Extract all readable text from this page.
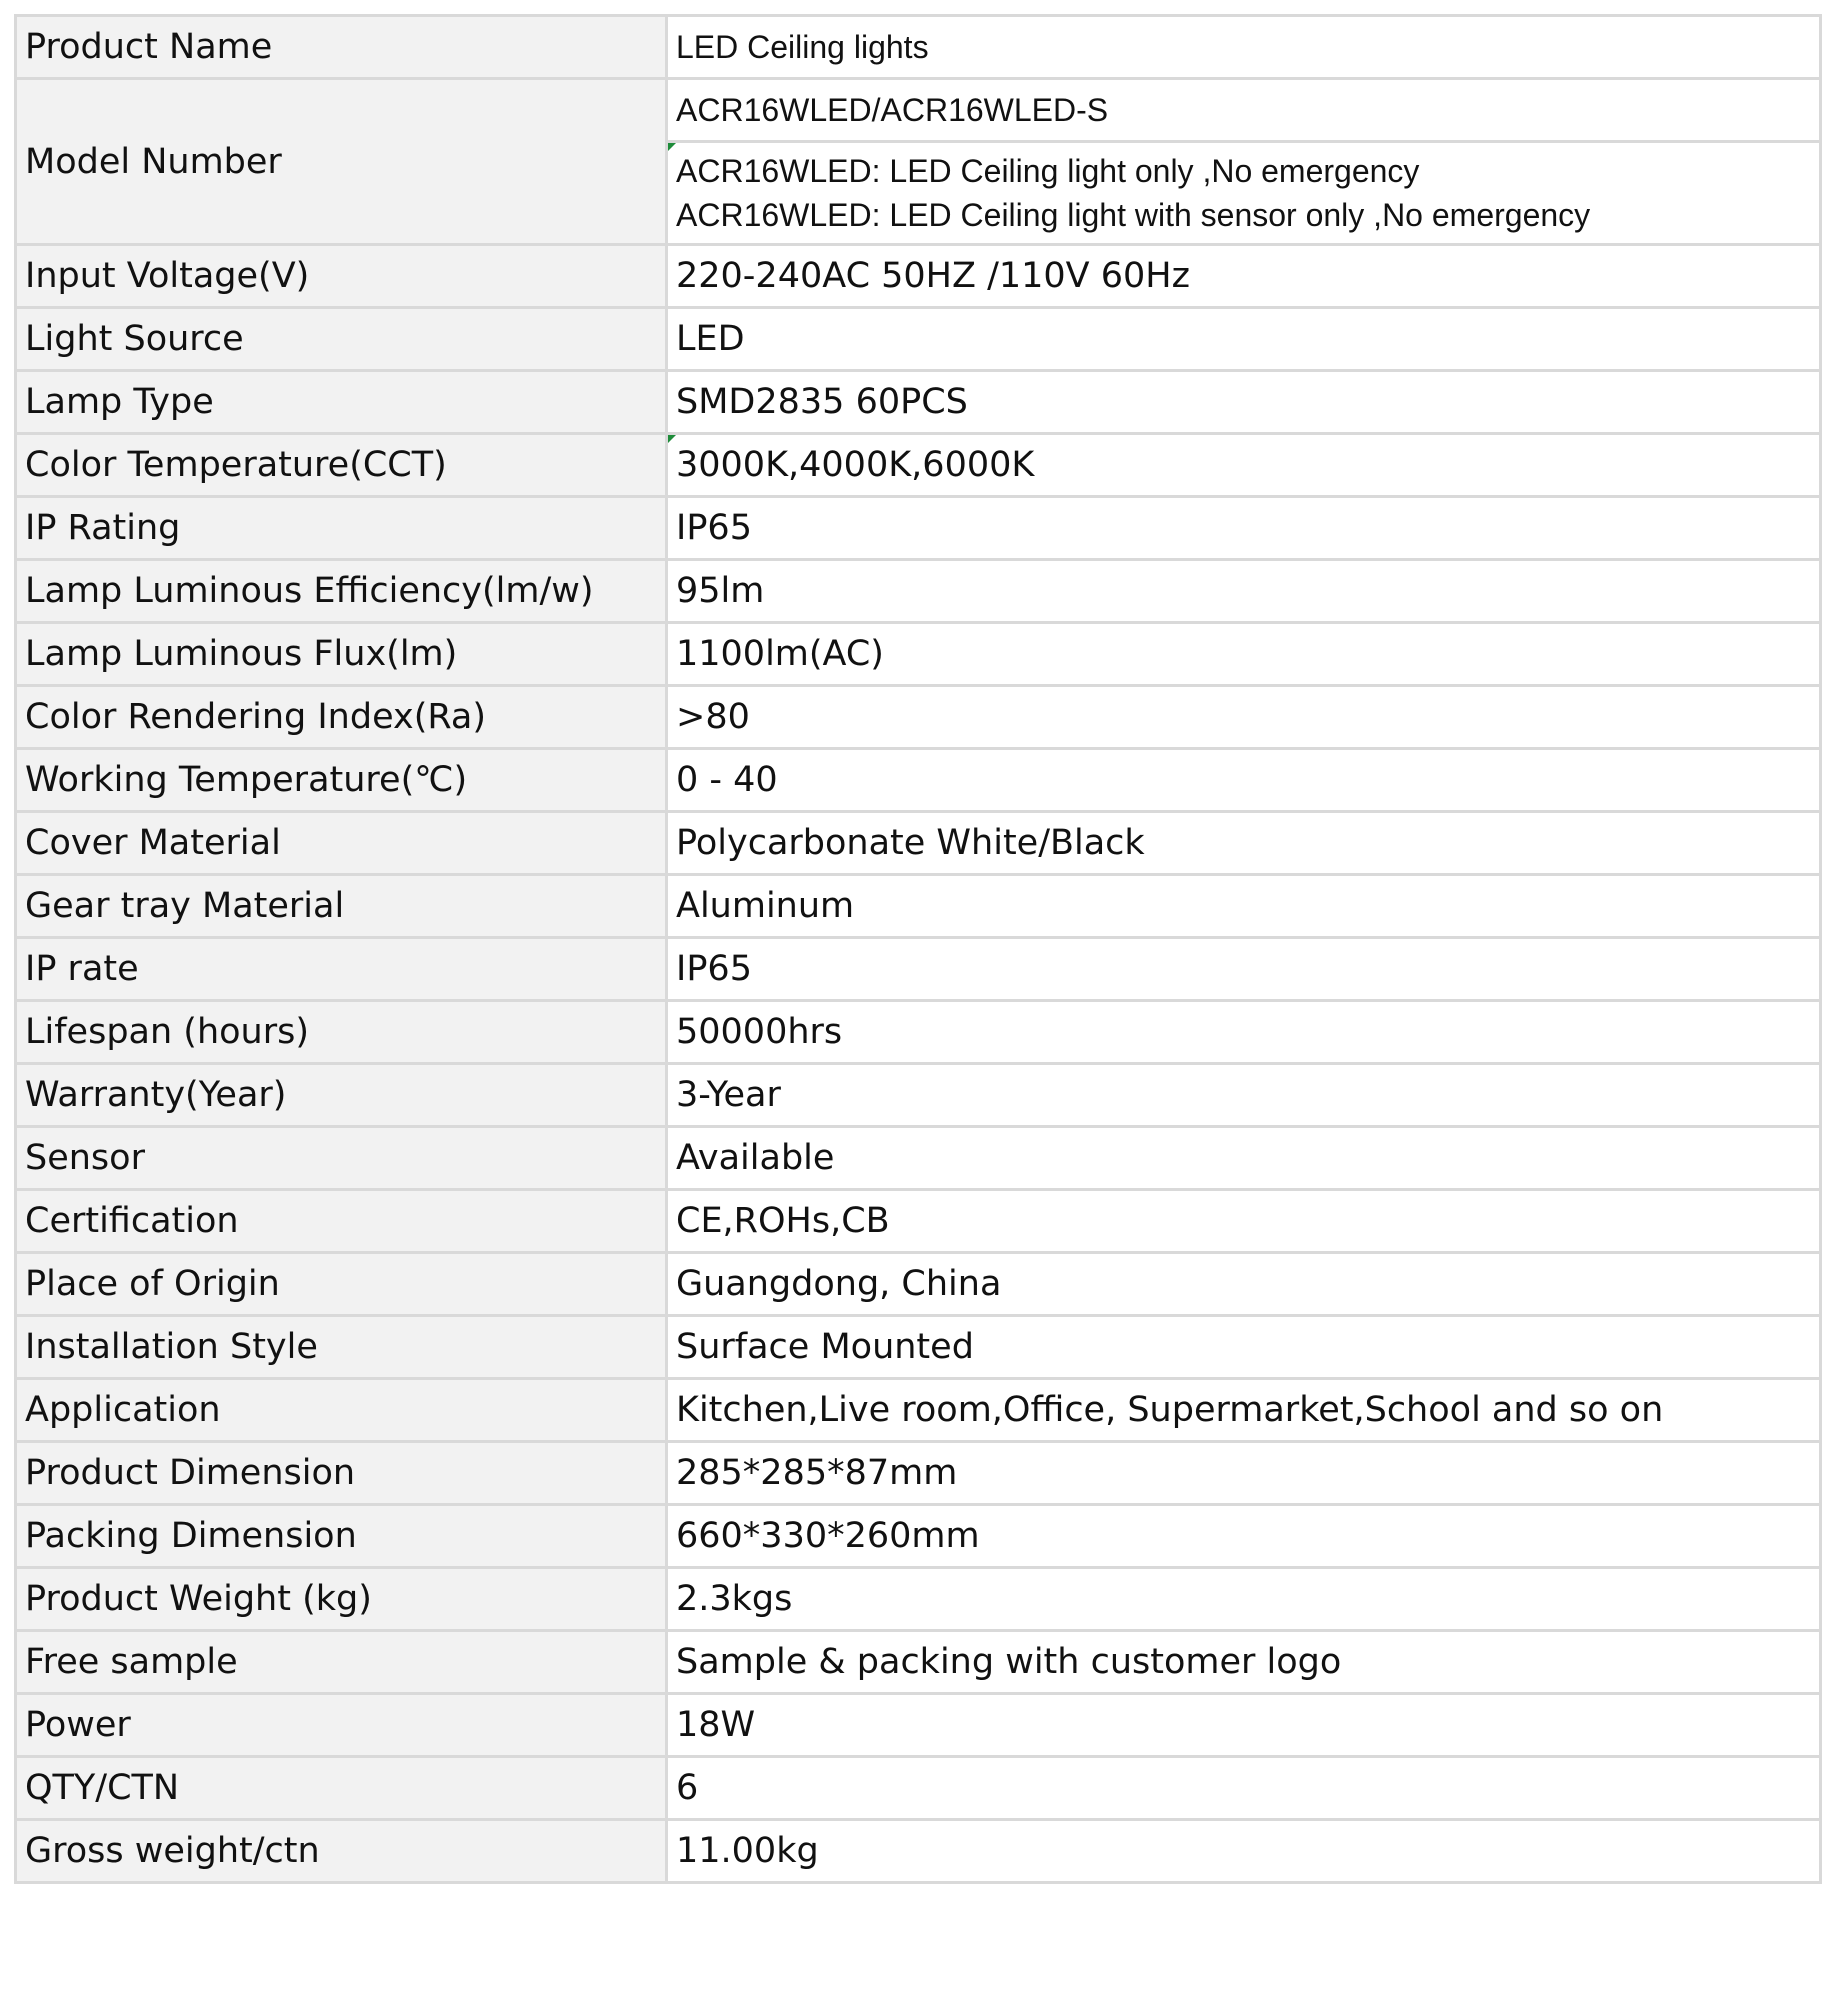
Product Name	LED Ceiling lights
Model Number	ACR16WLED/ACR16WLED-S

	ACR16WLED: LED Ceiling light only ,No emergency
ACR16WLED: LED Ceiling light with sensor only ,No emergency

Input Voltage(V)	220-240AC 50HZ /110V 60Hz
Light Source	LED
Lamp Type	SMD2835 60PCS
Color Temperature(CCT)	3000K,4000K,6000K
IP Rating	IP65
Lamp Luminous Efficiency(lm/w)	95lm
Lamp Luminous Flux(lm)	1100lm(AC)
Color Rendering Index(Ra)	>80
Working Temperature(℃)	0 - 40
Cover Material	Polycarbonate White/Black
Gear tray Material	Aluminum
IP rate	IP65
Lifespan (hours)	50000hrs
Warranty(Year)	3-Year
Sensor	Available
Certification	CE,ROHs,CB
Place of Origin	Guangdong, China
Installation Style	Surface Mounted
Application	Kitchen,Live room,Office, Supermarket,School and so on
Product Dimension	285*285*87mm
Packing Dimension	660*330*260mm
Product Weight (kg)	2.3kgs
Free sample	Sample & packing with customer logo
Power	18W
QTY/CTN	6
Gross weight/ctn	11.00kg
